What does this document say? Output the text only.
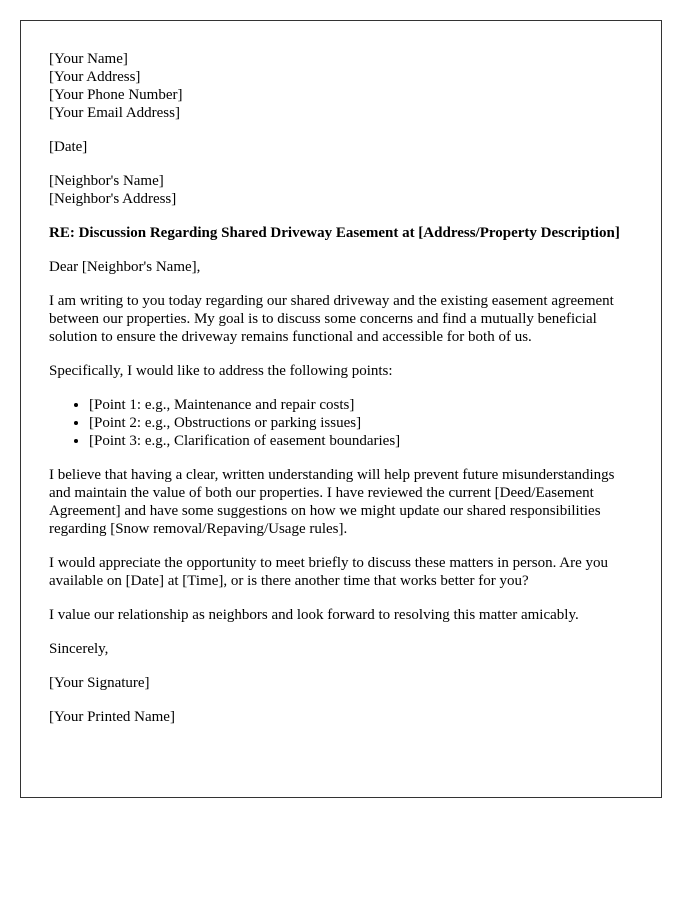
[Your Name]
[Your Address]
[Your Phone Number]
[Your Email Address]
[Date]
[Neighbor's Name]
[Neighbor's Address]

RE: Discussion Regarding Shared Driveway Easement at [Address/Property Description]

Dear [Neighbor's Name],

I am writing to you today regarding our shared driveway and the existing easement agreement between our properties. My goal is to discuss some concerns and find a mutually beneficial solution to ensure the driveway remains functional and accessible for both of us.

Specifically, I would like to address the following points:

• [Point 1: e.g., Maintenance and repair costs]
• [Point 2: e.g., Obstructions or parking issues]
• [Point 3: e.g., Clarification of easement boundaries]

I believe that having a clear, written understanding will help prevent future misunderstandings and maintain the value of both our properties. I have reviewed the current [Deed/Easement Agreement] and have some suggestions on how we might update our shared responsibilities regarding [Snow removal/Repaving/Usage rules].

I would appreciate the opportunity to meet briefly to discuss these matters in person. Are you available on [Date] at [Time], or is there another time that works better for you?

I value our relationship as neighbors and look forward to resolving this matter amicably.

Sincerely,

[Your Signature]

[Your Printed Name]
